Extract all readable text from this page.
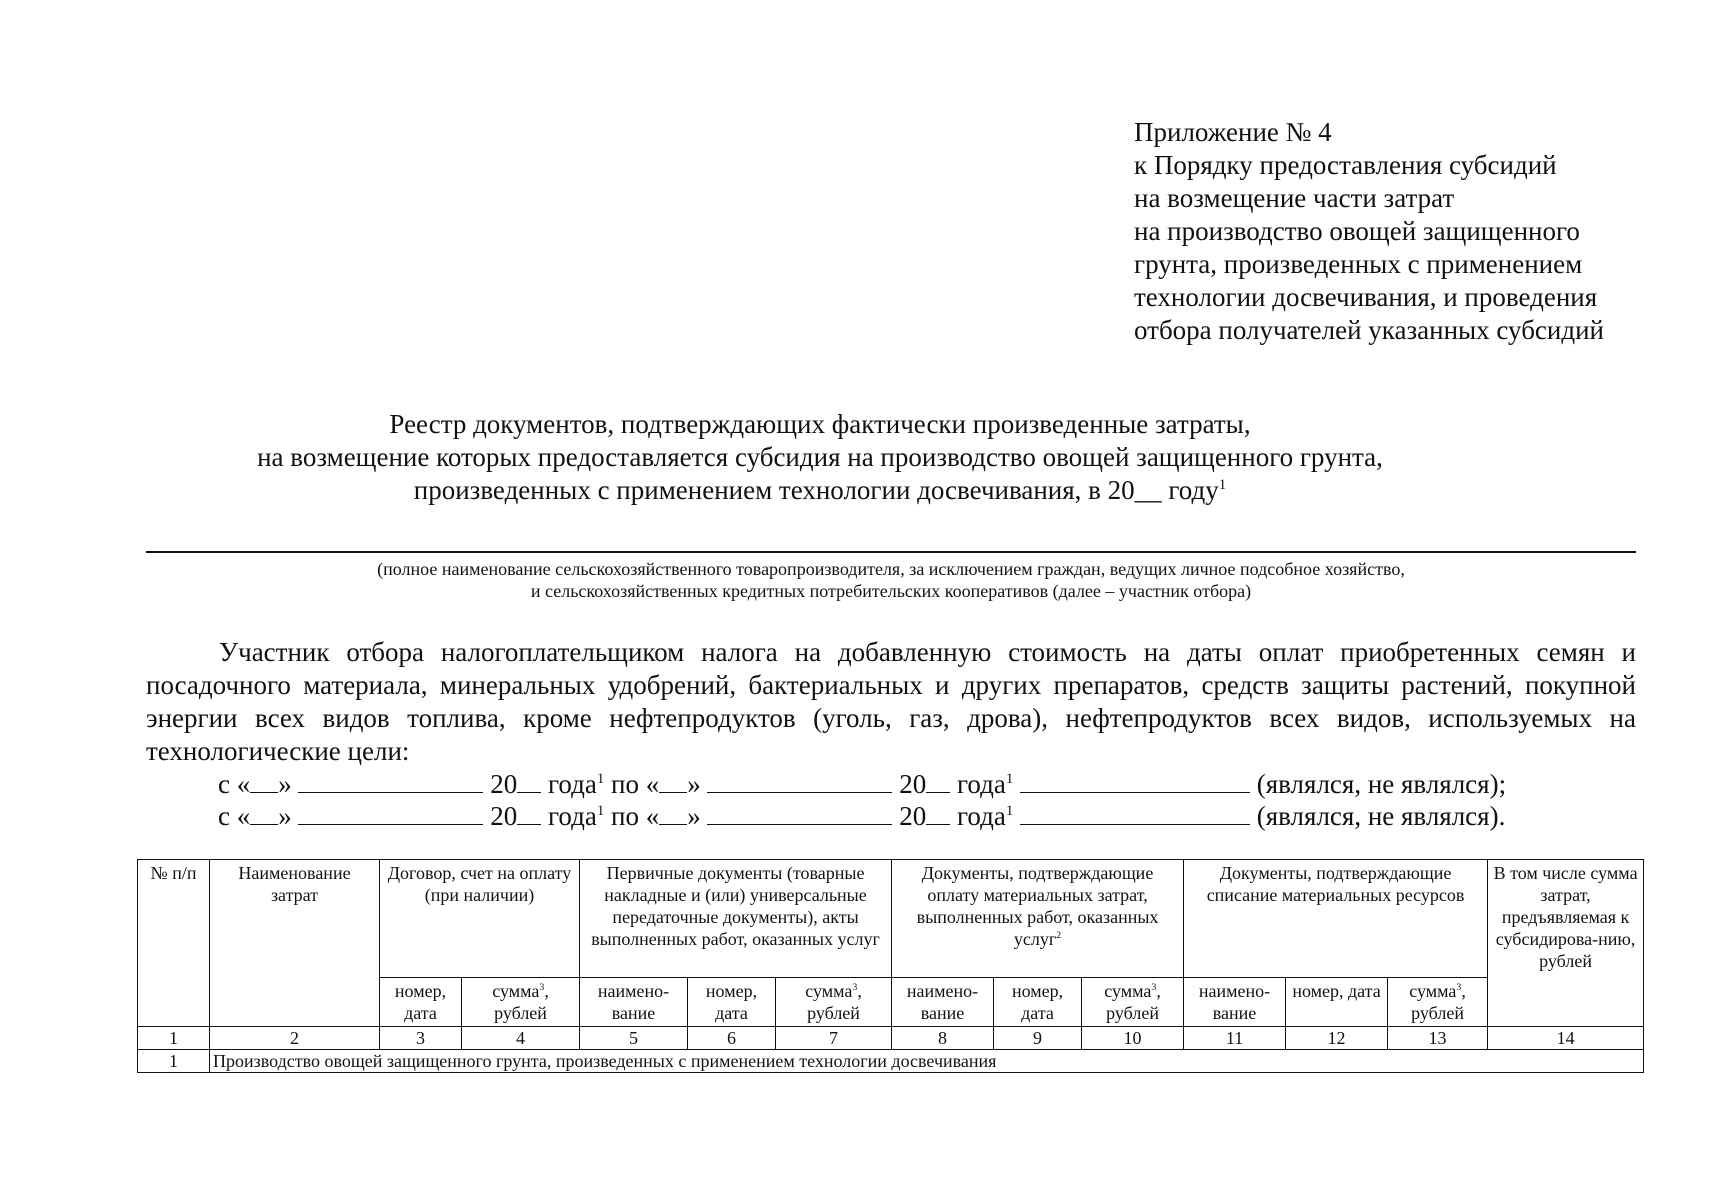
Приложение № 4
к Порядку предоставления субсидий
на возмещение части затрат
на производство овощей защищенного
грунта, произведенных с применением
технологии досвечивания, и проведения
отбора получателей указанных субсидий
Реестр документов, подтверждающих фактически произведенные затраты,
на возмещение которых предоставляется субсидия на производство овощей защищенного грунта,
произведенных с применением технологии досвечивания, в 20__ году$^1$
(полное наименование сельскохозяйственного товаропроизводителя, за исключением граждан, ведущих личное подсобное хозяйство,
и сельскохозяйственных кредитных потребительских кооперативов (далее – участник отбора)
Участник отбора налогоплательщиком налога на добавленную стоимость на даты оплат приобретенных семян и посадочного материала, минеральных удобрений, бактериальных и других препаратов, средств защиты растений, покупной энергии всех видов топлива, кроме нефтепродуктов (уголь, газ, дрова), нефтепродуктов всех видов, используемых на технологические цели:
с « »	20 года$^1$ по « »	20 года$^1$	(являлся, не являлся);
с « »	20 года$^1$ по « »	20 года$^1$	(являлся, не являлся).
№ п/п	Наименование затрат	Договор, счет на оплату (при наличии)		Первичные документы (товарные накладные и (или) универсальные передаточные документы), акты выполненных работ, оказанных услуг			Документы, подтверждающие оплату материальных затрат, выполненных работ, оказанных услуг$^2$			Документы, подтверждающие списание материальных ресурсов			В том числе сумма затрат, предъявляемая к субсидирова-нию, рублей
		номер, дата	сумма$^3$, рублей	наимено-вание	номер, дата	сумма$^3$, рублей	наимено-вание	номер, дата	сумма$^3$, рублей	наимено-вание	номер, дата	сумма$^3$, рублей	
1	2	3	4	5	6	7	8	9	10	11	12	13	14
1	Производство овощей защищенного грунта, произведенных с применением технологии досвечивания												
